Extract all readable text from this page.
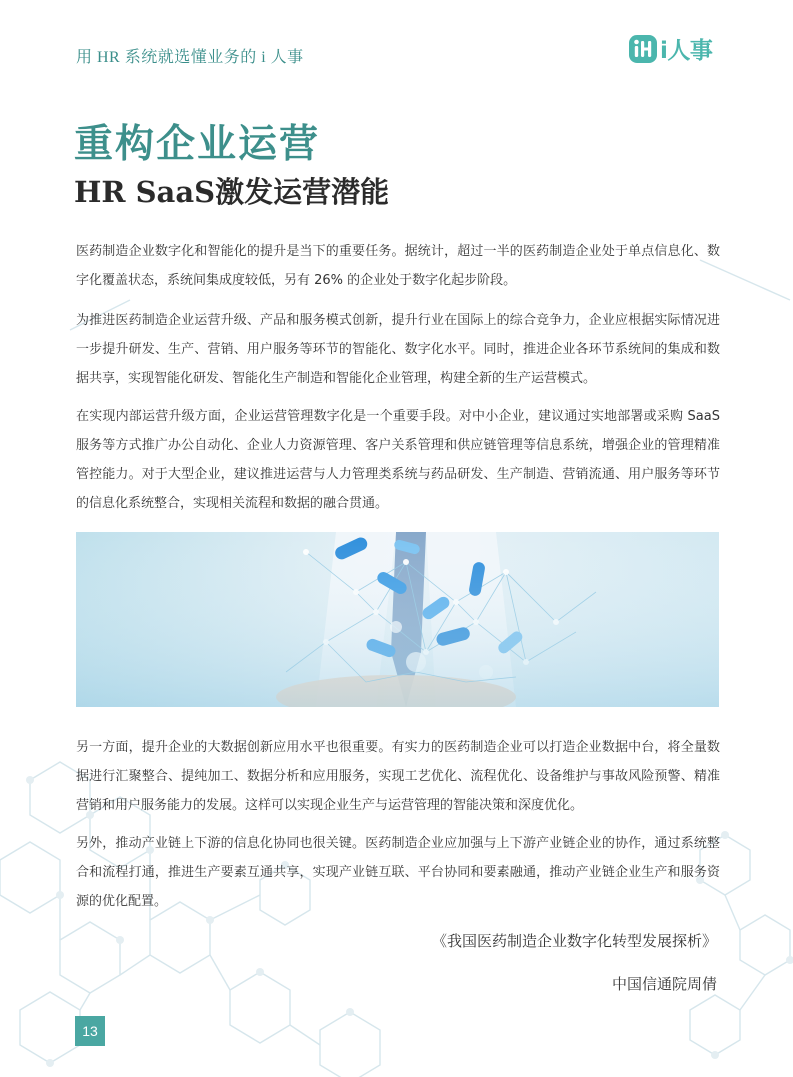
用 HR 系统就选懂业务的 i 人事	i人事
重构企业运营
HR SaaS激发运营潜能

医药制造企业数字化和智能化的提升是当下的重要任务。据统计，超过一半的医药制造企业处于单点信息化、数字化覆盖状态，系统间集成度较低，另有 26% 的企业处于数字化起步阶段。

为推进医药制造企业运营升级、产品和服务模式创新，提升行业在国际上的综合竞争力，企业应根据实际情况进一步提升研发、生产、营销、用户服务等环节的智能化、数字化水平。同时，推进企业各环节系统间的集成和数据共享，实现智能化研发、智能化生产制造和智能化企业管理，构建全新的生产运营模式。

在实现内部运营升级方面，企业运营管理数字化是一个重要手段。对中小企业，建议通过实地部署或采购 SaaS 服务等方式推广办公自动化、企业人力资源管理、客户关系管理和供应链管理等信息系统，增强企业的管理精准管控能力。对于大型企业，建议推进运营与人力管理类系统与药品研发、生产制造、营销流通、用户服务等环节的信息化系统整合，实现相关流程和数据的融合贯通。

另一方面，提升企业的大数据创新应用水平也很重要。有实力的医药制造企业可以打造企业数据中台，将全量数据进行汇聚整合、提纯加工、数据分析和应用服务，实现工艺优化、流程优化、设备维护与事故风险预警、精准营销和用户服务能力的发展。这样可以实现企业生产与运营管理的智能决策和深度优化。

另外，推动产业链上下游的信息化协同也很关键。医药制造企业应加强与上下游产业链企业的协作，通过系统整合和流程打通，推进生产要素互通共享，实现产业链互联、平台协同和要素融通，推动产业链企业生产和服务资源的优化配置。

《我国医药制造企业数字化转型发展探析》
中国信通院周倩
13
